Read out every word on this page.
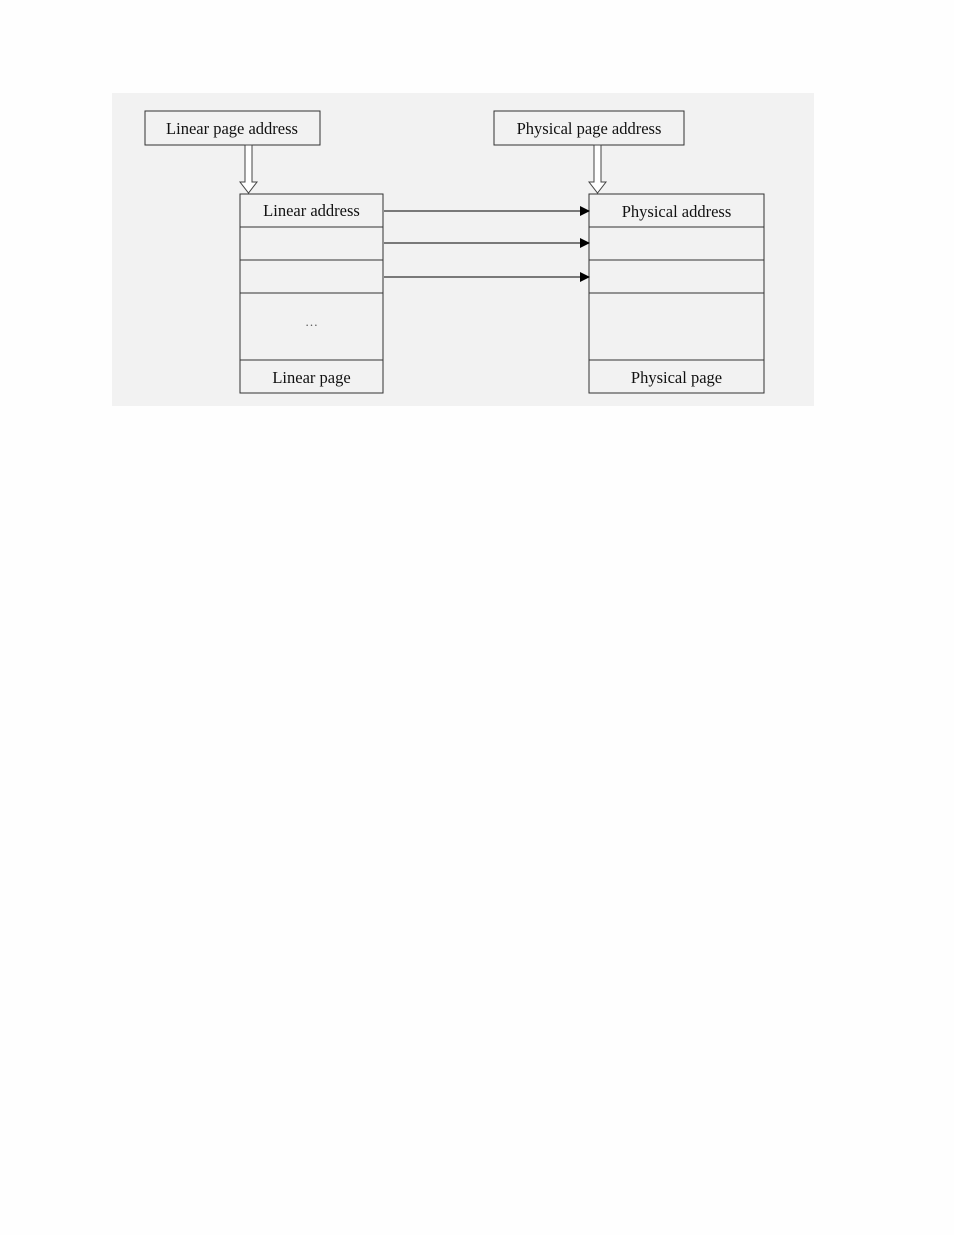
Linear page address	Physical page address
Linear address
…
Linear page
Physical address
Physical page
